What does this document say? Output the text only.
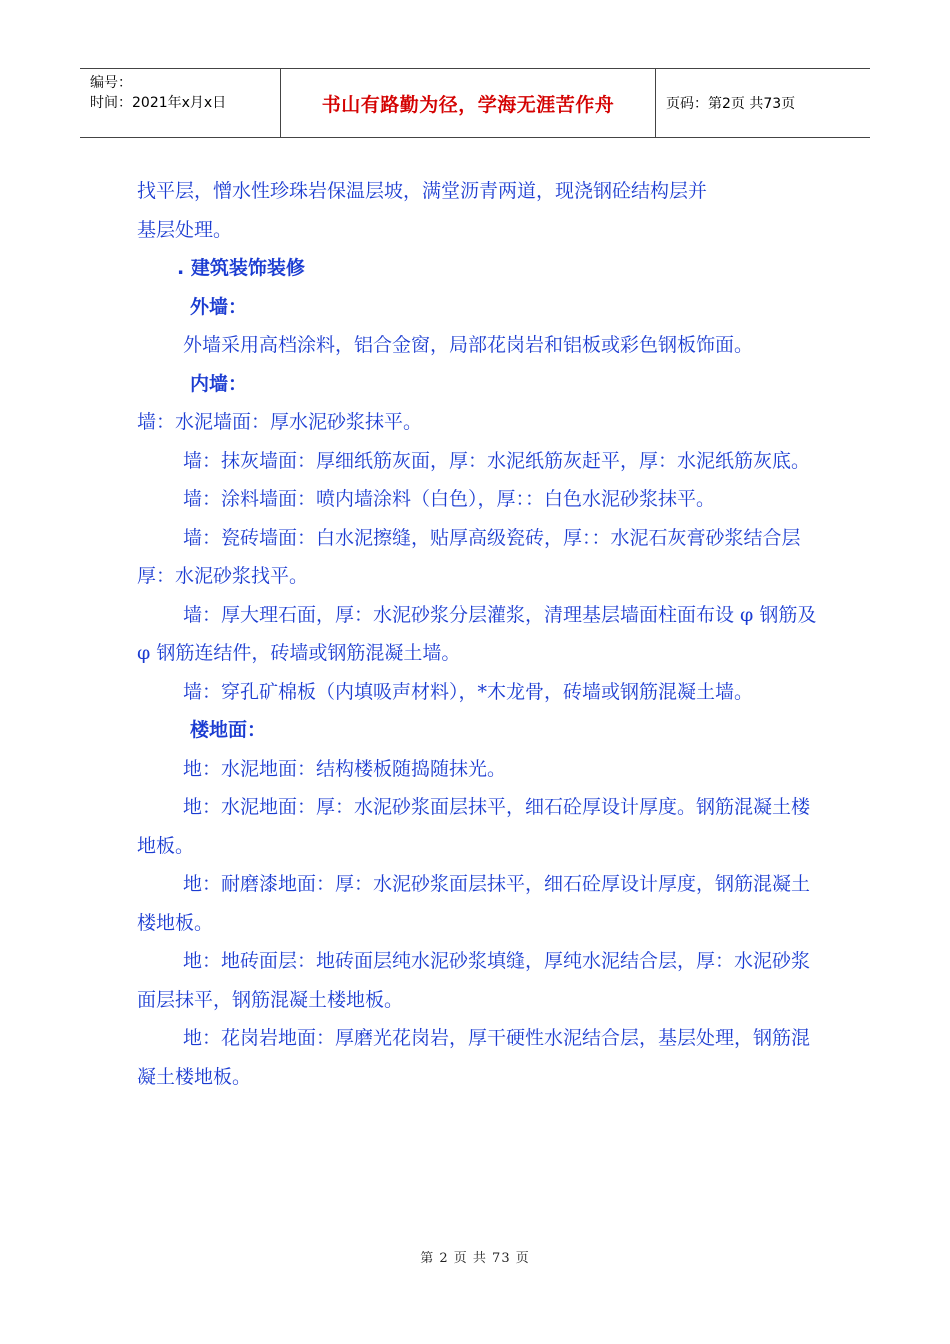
编号：
时间：2021年x月x日	书山有路勤为径，学海无涯苦作舟	页码：第2页 共73页

找平层，憎水性珍珠岩保温层坡，满堂沥青两道，现浇钢砼结构层并

基层处理。

. 建筑装饰装修

外墙：

外墙采用高档涂料，铝合金窗，局部花岗岩和铝板或彩色钢板饰面。

内墙：

墙：水泥墙面：厚水泥砂浆抹平。

墙：抹灰墙面：厚细纸筋灰面，厚：水泥纸筋灰赶平，厚：水泥纸筋灰底。

墙：涂料墙面：喷内墙涂料（白色），厚：：白色水泥砂浆抹平。

墙：瓷砖墙面：白水泥擦缝，贴厚高级瓷砖，厚：：水泥石灰膏砂浆结合层厚：水泥砂浆找平。

墙：厚大理石面，厚：水泥砂浆分层灌浆，清理基层墙面柱面布设 φ 钢筋及 φ 钢筋连结件，砖墙或钢筋混凝土墙。

墙：穿孔矿棉板（内填吸声材料），*木龙骨，砖墙或钢筋混凝土墙。

楼地面：

地：水泥地面：结构楼板随捣随抹光。

地：水泥地面：厚：水泥砂浆面层抹平，细石砼厚设计厚度。钢筋混凝土楼地板。

地：耐磨漆地面：厚：水泥砂浆面层抹平，细石砼厚设计厚度，钢筋混凝土楼地板。

地：地砖面层：地砖面层纯水泥砂浆填缝，厚纯水泥结合层，厚：水泥砂浆面层抹平，钢筋混凝土楼地板。

地：花岗岩地面：厚磨光花岗岩，厚干硬性水泥结合层，基层处理，钢筋混凝土楼地板。

第 2 页 共 73 页
